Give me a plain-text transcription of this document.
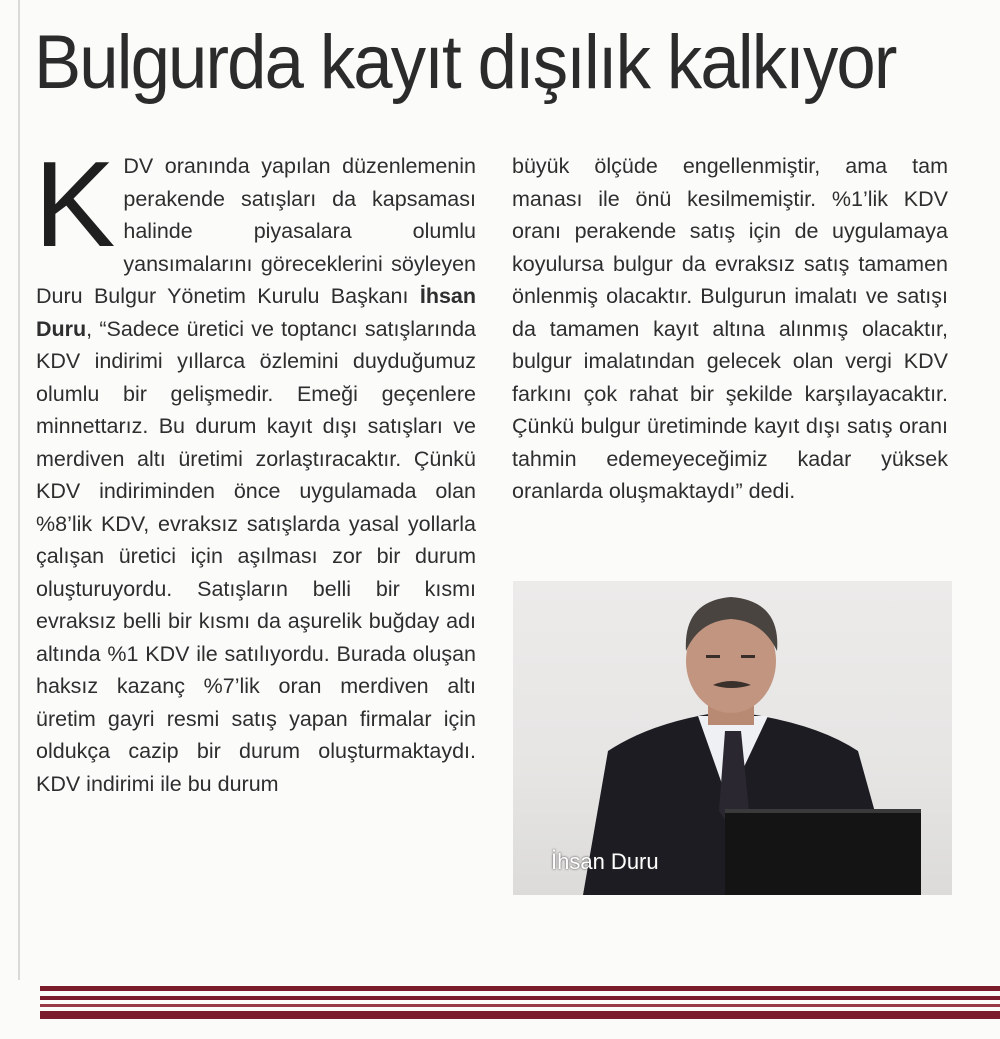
Bulgurda kayıt dışılık kalkıyor

KDV oranında yapılan düzenlemenin perakende satışları da kapsaması halinde piyasalara olumlu yansımalarını göreceklerini söyleyen Duru Bulgur Yönetim Kurulu Başkanı İhsan Duru, “Sadece üretici ve toptancı satışlarında KDV indirimi yıllarca özlemini duyduğumuz olumlu bir gelişmedir. Emeği geçenlere minnettarız. Bu durum kayıt dışı satışları ve merdiven altı üretimi zorlaştıracaktır. Çünkü KDV indiriminden önce uygulamada olan %8’lik KDV, evraksız satışlarda yasal yollarla çalışan üretici için aşılması zor bir durum oluşturuyordu. Satışların belli bir kısmı evraksız belli bir kısmı da aşurelik buğday adı altında %1 KDV ile satılıyordu. Burada oluşan haksız kazanç %7’lik oran merdiven altı üretim gayri resmi satış yapan firmalar için oldukça cazip bir durum oluşturmaktaydı. KDV indirimi ile bu durum

büyük ölçüde engellenmiştir, ama tam manası ile önü kesilmemiştir. %1’lik KDV oranı perakende satış için de uygulamaya koyulursa bulgur da evraksız satış tamamen önlenmiş olacaktır. Bulgurun imalatı ve satışı da tamamen kayıt altına alınmış olacaktır, bulgur imalatından gelecek olan vergi KDV farkını çok rahat bir şekilde karşılayacaktır. Çünkü bulgur üretiminde kayıt dışı satış oranı tahmin edemeyeceğimiz kadar yüksek oranlarda oluşmaktaydı” dedi.

İhsan Duru
